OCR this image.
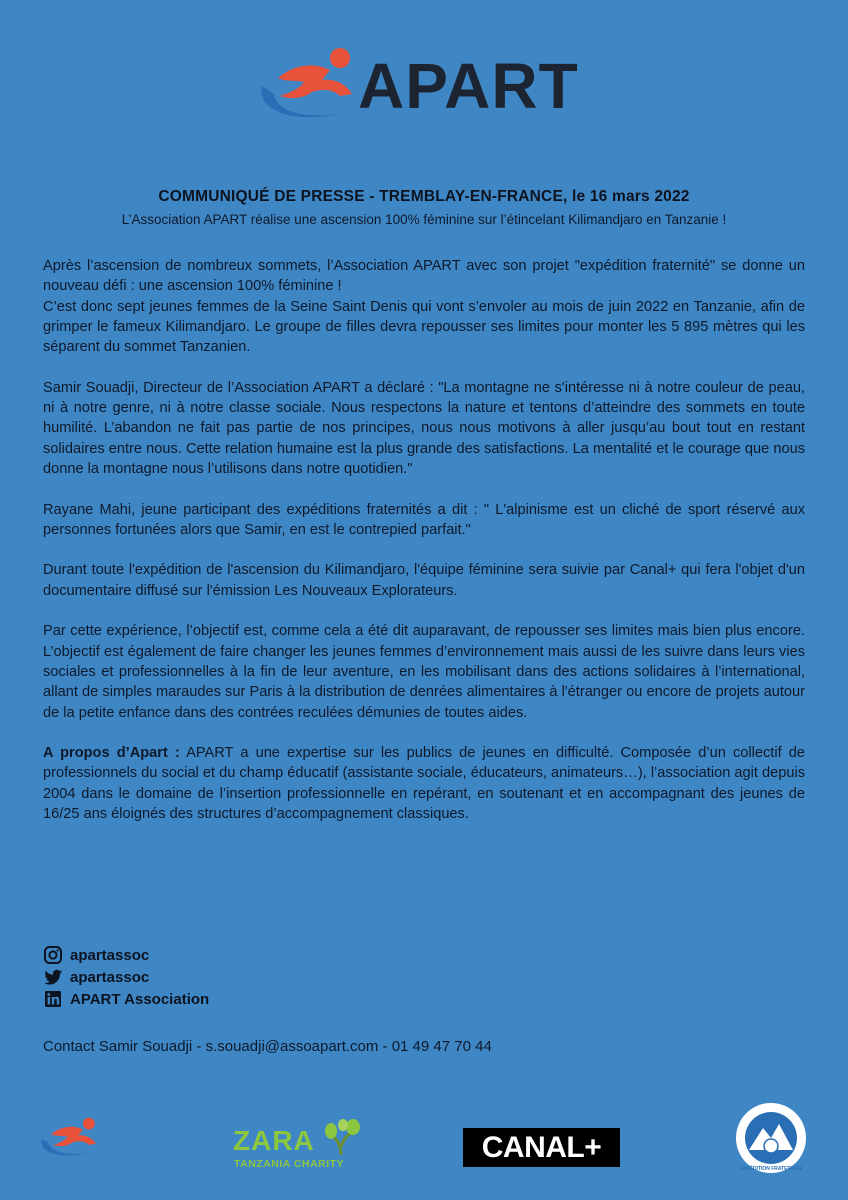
APART
COMMUNIQUÉ DE PRESSE - TREMBLAY-EN-FRANCE, le 16 mars 2022
L’Association APART réalise une ascension 100% féminine sur l’étincelant Kilimandjaro en Tanzanie !

Après l’ascension de nombreux sommets, l’Association APART avec son projet "expédition fraternité" se donne un nouveau défi : une ascension 100% féminine !
C’est donc sept jeunes femmes de la Seine Saint Denis qui vont s’envoler au mois de juin 2022 en Tanzanie, afin de grimper le fameux Kilimandjaro. Le groupe de filles devra repousser ses limites pour monter les 5 895 mètres qui les séparent du sommet Tanzanien.

Samir Souadji, Directeur de l’Association APART a déclaré : "La montagne ne s'intéresse ni à notre couleur de peau, ni à notre genre, ni à notre classe sociale. Nous respectons la nature et tentons d’atteindre des sommets en toute humilité. L’abandon ne fait pas partie de nos principes, nous nous motivons à aller jusqu’au bout tout en restant solidaires entre nous. Cette relation humaine est la plus grande des satisfactions. La mentalité et le courage que nous donne la montagne nous l’utilisons dans notre quotidien."

Rayane Mahi, jeune participant des expéditions fraternités a dit : " L'alpinisme est un cliché de sport réservé aux personnes fortunées alors que Samir, en est le contrepied parfait."

Durant toute l'expédition de l'ascension du Kilimandjaro, l'équipe féminine sera suivie par Canal+ qui fera l'objet d'un documentaire diffusé sur l'émission Les Nouveaux Explorateurs.

Par cette expérience, l’objectif est, comme cela a été dit auparavant, de repousser ses limites mais bien plus encore. L’objectif est également de faire changer les jeunes femmes d’environnement mais aussi de les suivre dans leurs vies sociales et professionnelles à la fin de leur aventure, en les mobilisant dans des actions solidaires à l’international, allant de simples maraudes sur Paris à la distribution de denrées alimentaires à l'étranger ou encore de projets autour de la petite enfance dans des contrées reculées démunies de toutes aides.

A propos d’Apart : APART a une expertise sur les publics de jeunes en difficulté. Composée d’un collectif de professionnels du social et du champ éducatif (assistante sociale, éducateurs, animateurs…), l’association agit depuis 2004 dans le domaine de l’insertion professionnelle en repérant, en soutenant et en accompagnant des jeunes de 16/25 ans éloignés des structures d’accompagnement classiques.

apartassoc
apartassoc
APART Association
Contact Samir Souadji - s.souadji@assoapart.com - 01 49 47 70 44
ZARA
TANZANIA CHARITY	CANAL+
EXPÉDITION FRATERNITÉ
